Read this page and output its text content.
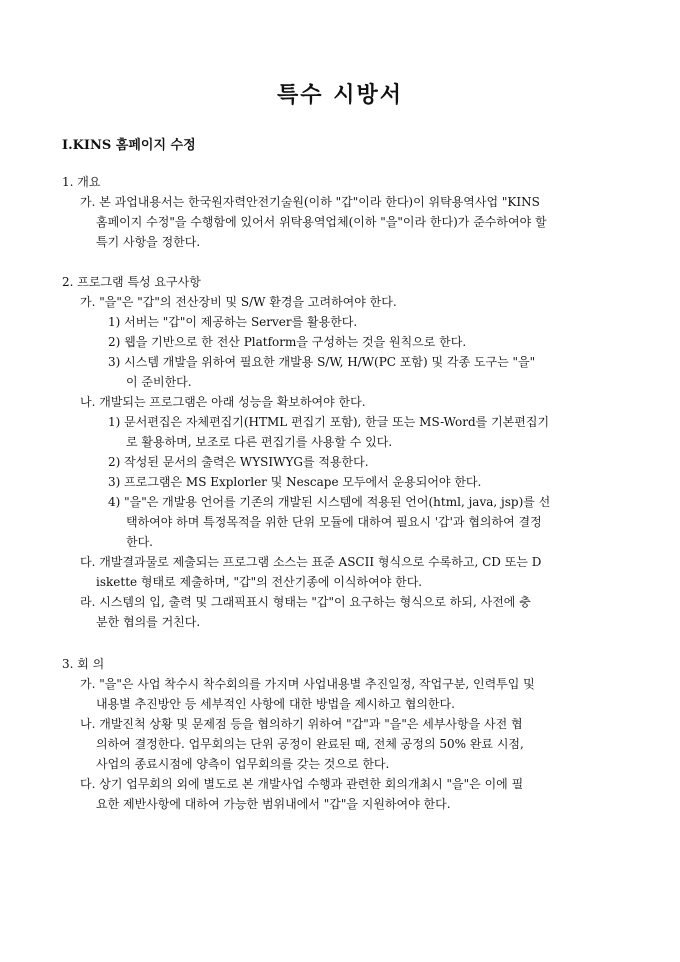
특수 시방서
Ⅰ.KINS 홈페이지 수정
1. 개요
가. 본 과업내용서는 한국원자력안전기술원(이하 "갑"이라 한다)이 위탁용역사업 "KINS
홈페이지 수정"을 수행함에 있어서 위탁용역업체(이하 "을"이라 한다)가 준수하여야 할
특기 사항을 정한다.
2. 프로그램 특성 요구사항
가. "을"은 "갑"의 전산장비 및 S/W 환경을 고려하여야 한다.
1) 서버는 "갑"이 제공하는 Server를 활용한다.
2) 웹을 기반으로 한 전산 Platform을 구성하는 것을 원칙으로 한다.
3) 시스템 개발을 위하여 필요한 개발용 S/W, H/W(PC 포함) 및 각종 도구는 "을"
이 준비한다.
나. 개발되는 프로그램은 아래 성능을 확보하여야 한다.
1) 문서편집은 자체편집기(HTML 편집기 포함), 한글 또는 MS-Word를 기본편집기
로 활용하며, 보조로 다른 편집기를 사용할 수 있다.
2) 작성된 문서의 출력은 WYSIWYG를 적용한다.
3) 프로그램은 MS Explorler 및 Nescape 모두에서 운용되어야 한다.
4) "을"은 개발용 언어를 기존의 개발된 시스템에 적용된 언어(html, java, jsp)를 선
택하여야 하며 특정목적을 위한 단위 모듈에 대하여 필요시 '갑'과 협의하여 결정
한다.
다. 개발결과물로 제출되는 프로그램 소스는 표준 ASCII 형식으로 수록하고, CD 또는 D
iskette 형태로 제출하며, "갑"의 전산기종에 이식하여야 한다.
라. 시스템의 입, 출력 및 그래픽표시 형태는 "갑"이 요구하는 형식으로 하되, 사전에 충
분한 협의를 거친다.
3. 회 의
가. "을"은 사업 착수시 착수회의를 가지며 사업내용별 추진일정, 작업구분, 인력투입 및
내용별 추진방안 등 세부적인 사항에 대한 방법을 제시하고 협의한다.
나. 개발진척 상황 및 문제점 등을 협의하기 위하여 "갑"과 "을"은 세부사항을 사전 협
의하여 결정한다. 업무회의는 단위 공정이 완료된 때, 전체 공정의 50% 완료 시점,
사업의 종료시점에 양측이 업무회의를 갖는 것으로 한다.
다. 상기 업무회의 외에 별도로 본 개발사업 수행과 관련한 회의개최시 "을"은 이에 필
요한 제반사항에 대하여 가능한 범위내에서 "갑"을 지원하여야 한다.
